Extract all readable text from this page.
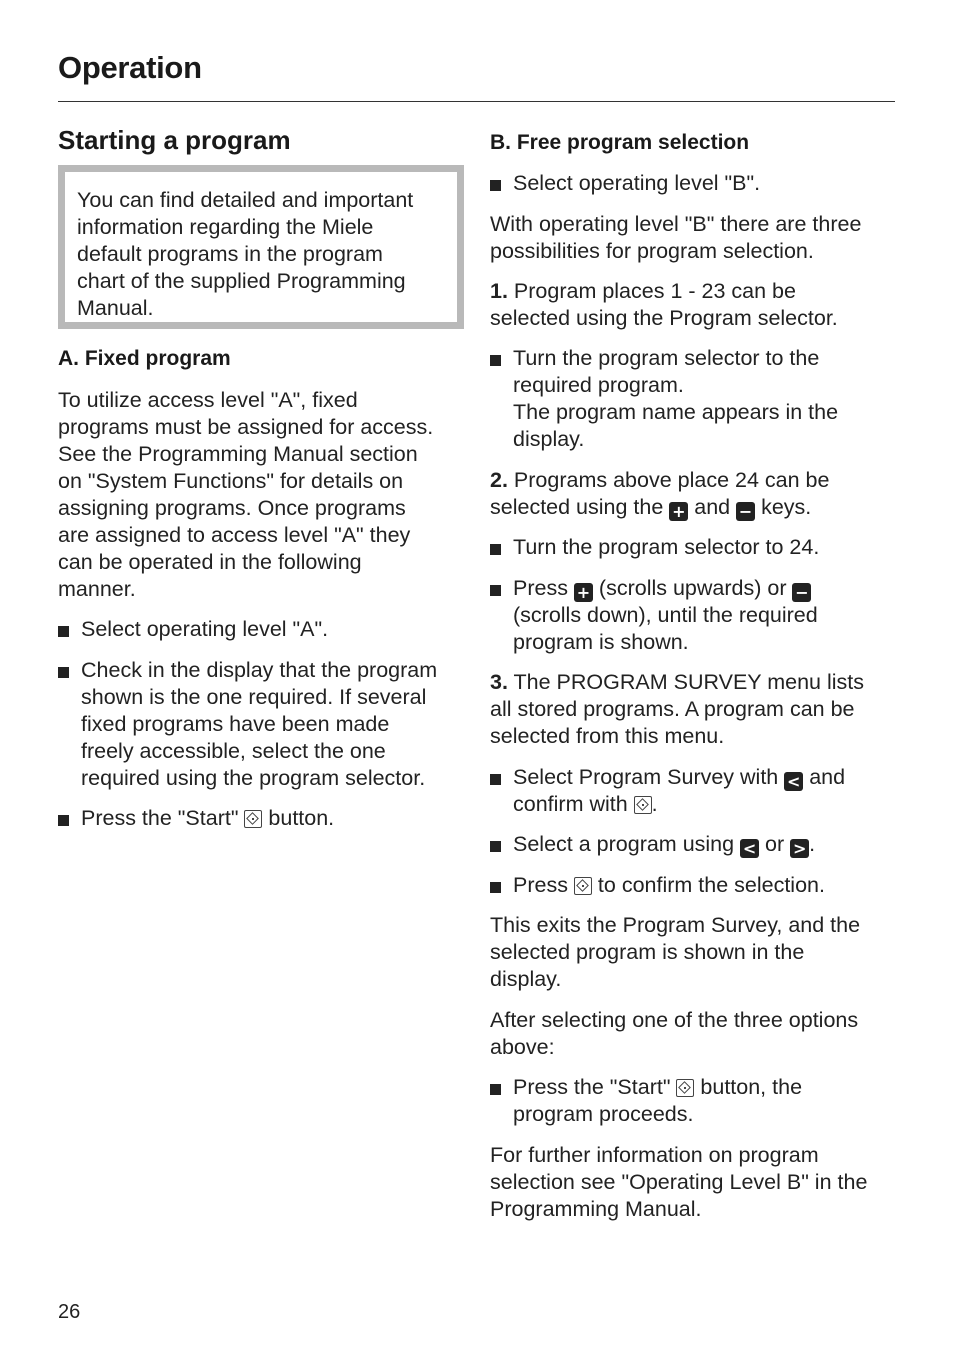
Operation
Starting a program
You can find detailed and important
information regarding the Miele
default programs in the program
chart of the supplied Programming
Manual.
A. Fixed program
To utilize access level "A", fixed
programs must be assigned for access.
See the Programming Manual section
on "System Functions" for details on
assigning programs. Once programs
are assigned to access level "A" they
can be operated in the following
manner.
Select operating level "A".
Check in the display that the program
shown is the one required. If several
fixed programs have been made
freely accessible, select the one
required using the program selector.
Press the "Start"  button.
B. Free program selection
Select operating level "B".
With operating level "B" there are three
possibilities for program selection.
1. Program places 1 - 23 can be
selected using the Program selector.
Turn the program selector to the
required program.
The program name appears in the
display.
2. Programs above place 24 can be
selected using the + and − keys.
Turn the program selector to 24.
Press + (scrolls upwards) or −
(scrolls down), until the required
program is shown.
3. The PROGRAM SURVEY menu lists
all stored programs. A program can be
selected from this menu.
Select Program Survey with < and
confirm with .
Select a program using < or > .
Press  to confirm the selection.
This exits the Program Survey, and the
selected program is shown in the
display.
After selecting one of the three options
above:
Press the "Start"  button, the
program proceeds.
For further information on program
selection see "Operating Level B" in the
Programming Manual.
26
